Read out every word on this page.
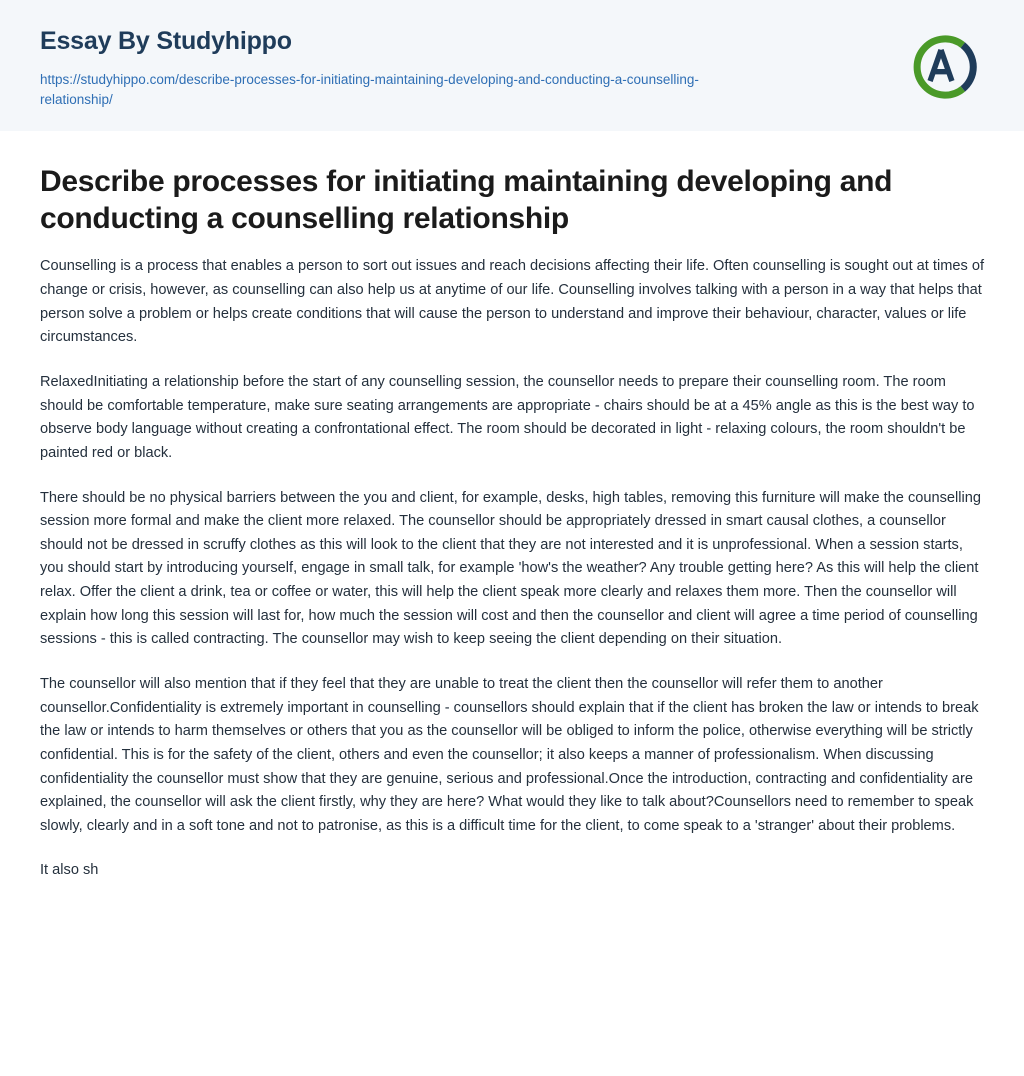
Essay By Studyhippo
https://studyhippo.com/describe-processes-for-initiating-maintaining-developing-and-conducting-a-counselling-relationship/
Describe processes for initiating maintaining developing and conducting a counselling relationship

Counselling is a process that enables a person to sort out issues and reach decisions affecting their life. Often counselling is sought out at times of change or crisis, however, as counselling can also help us at anytime of our life. Counselling involves talking with a person in a way that helps that person solve a problem or helps create conditions that will cause the person to understand and improve their behaviour, character, values or life circumstances.

RelaxedInitiating a relationship before the start of any counselling session, the counsellor needs to prepare their counselling room. The room should be comfortable temperature, make sure seating arrangements are appropriate - chairs should be at a 45% angle as this is the best way to observe body language without creating a confrontational effect. The room should be decorated in light - relaxing colours, the room shouldn't be painted red or black.

There should be no physical barriers between the you and client, for example, desks, high tables, removing this furniture will make the counselling session more formal and make the client more relaxed. The counsellor should be appropriately dressed in smart causal clothes, a counsellor should not be dressed in scruffy clothes as this will look to the client that they are not interested and it is unprofessional. When a session starts, you should start by introducing yourself, engage in small talk, for example 'how's the weather? Any trouble getting here? As this will help the client relax. Offer the client a drink, tea or coffee or water, this will help the client speak more clearly and relaxes them more. Then the counsellor will explain how long this session will last for, how much the session will cost and then the counsellor and client will agree a time period of counselling sessions - this is called contracting. The counsellor may wish to keep seeing the client depending on their situation.

The counsellor will also mention that if they feel that they are unable to treat the client then the counsellor will refer them to another counsellor.Confidentiality is extremely important in counselling - counsellors should explain that if the client has broken the law or intends to break the law or intends to harm themselves or others that you as the counsellor will be obliged to inform the police, otherwise everything will be strictly confidential. This is for the safety of the client, others and even the counsellor; it also keeps a manner of professionalism. When discussing confidentiality the counsellor must show that they are genuine, serious and professional.Once the introduction, contracting and confidentiality are explained, the counsellor will ask the client firstly, why they are here? What would they like to talk about?Counsellors need to remember to speak slowly, clearly and in a soft tone and not to patronise, as this is a difficult time for the client, to come speak to a 'stranger' about their problems.

It also sh
